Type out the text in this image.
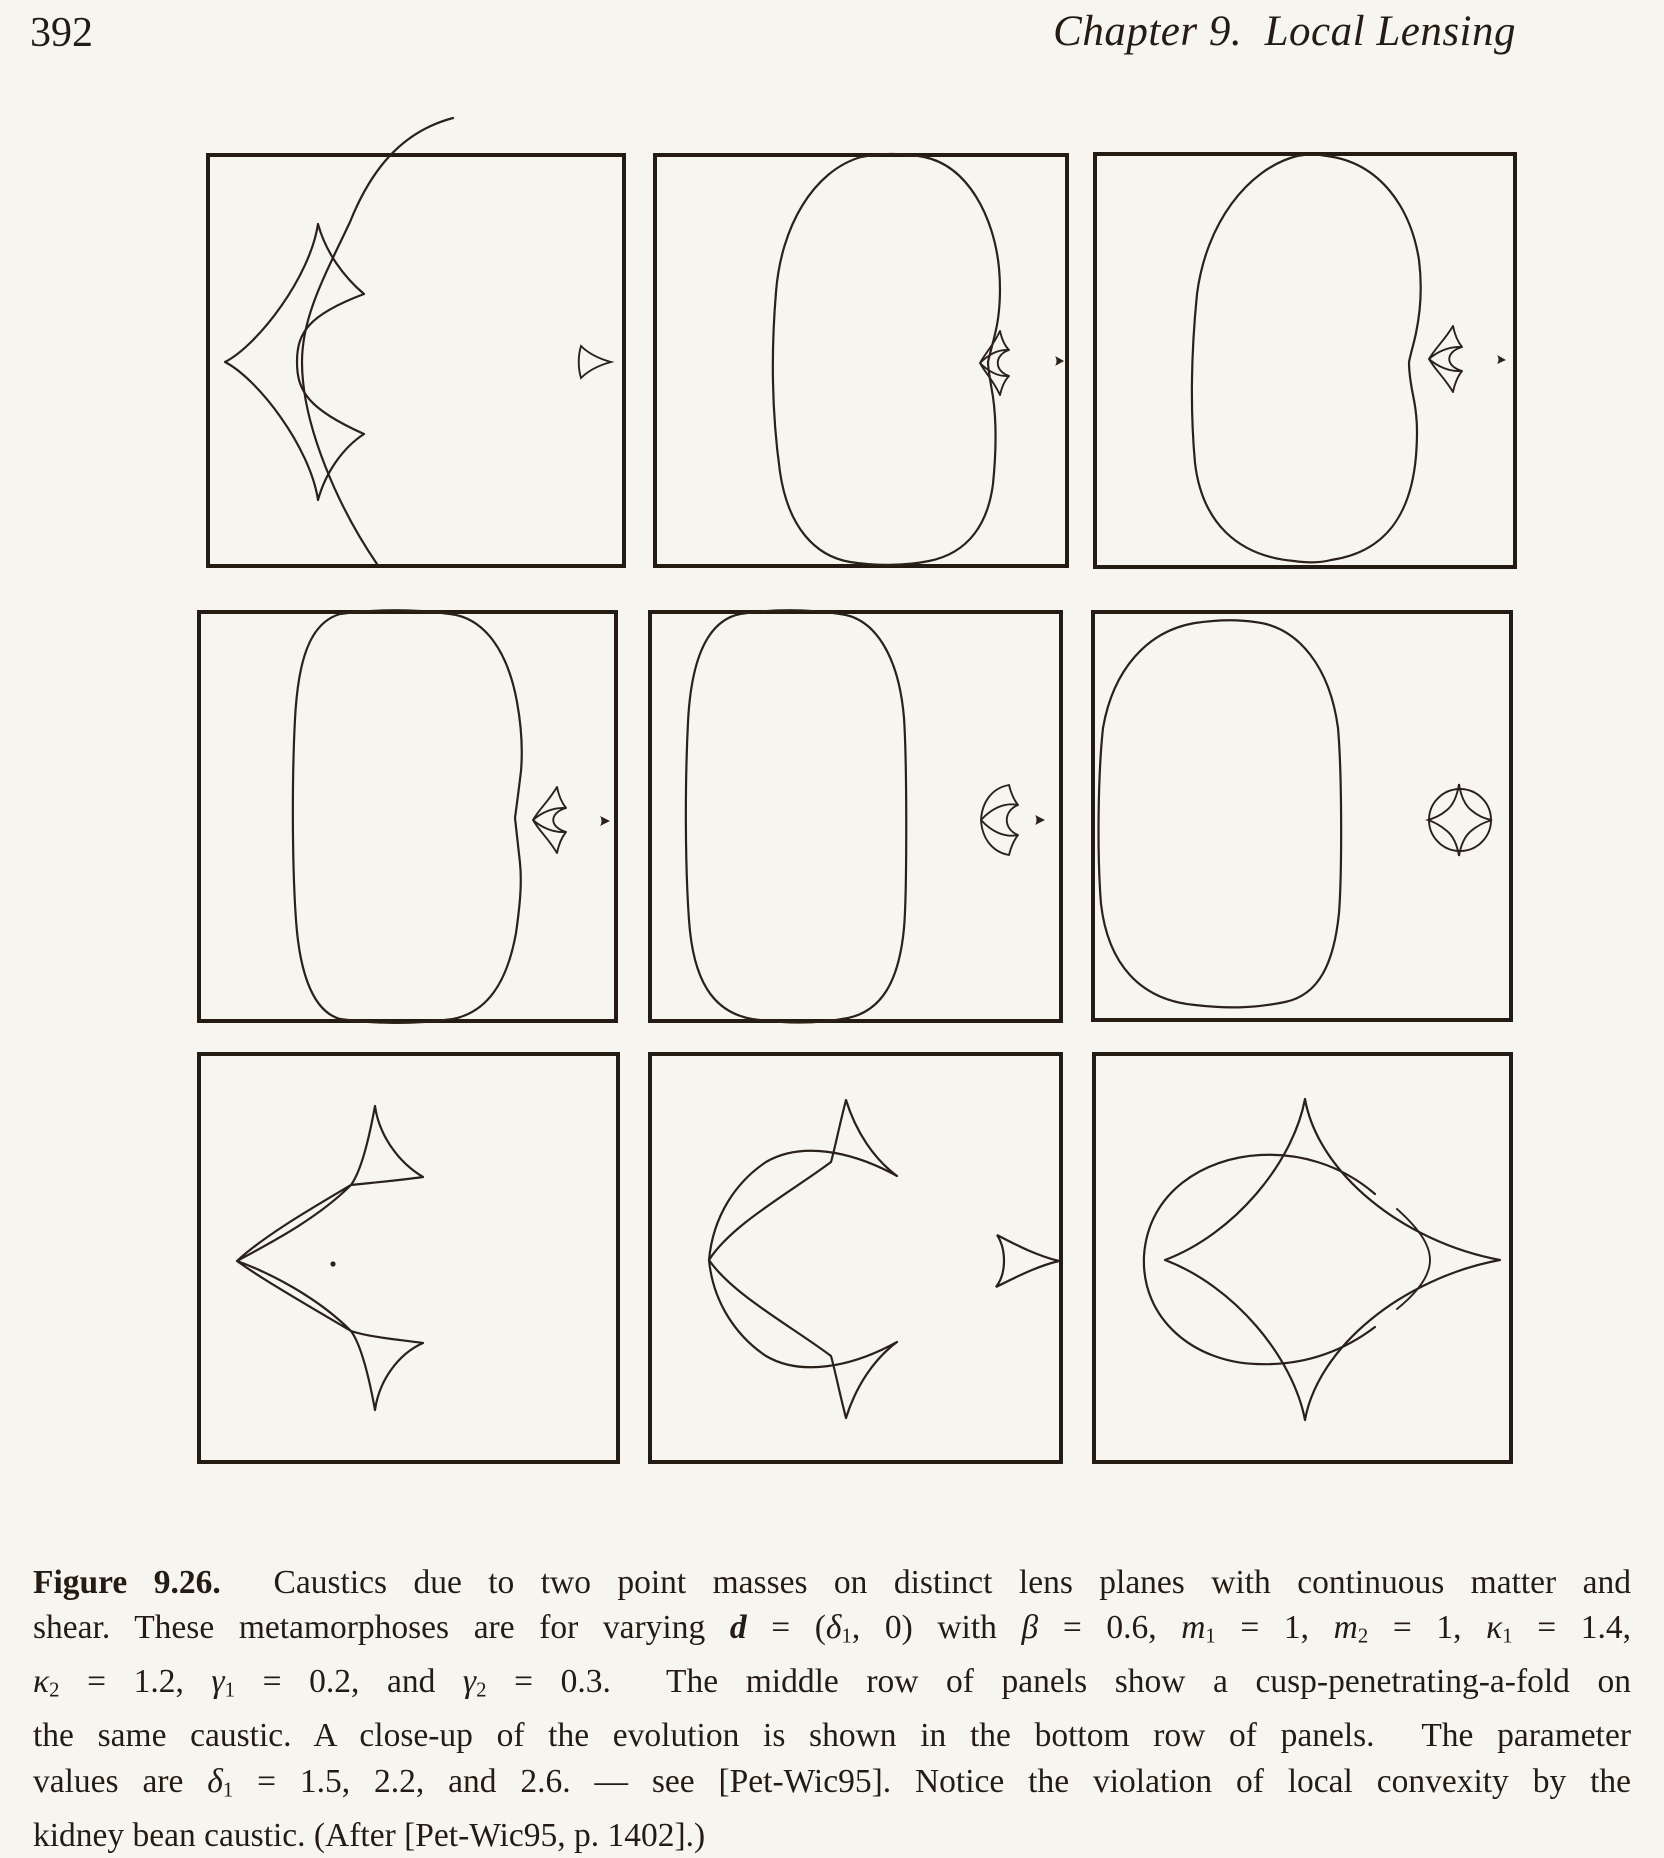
392	Chapter 9.  Local Lensing
Figure 9.26.  Caustics due to two point masses on distinct lens planes with continuous matter and
shear. These metamorphoses are for varying d = (δ1, 0) with β = 0.6, m1 = 1, m2 = 1, κ1 = 1.4,
κ2 = 1.2, γ1 = 0.2, and γ2 = 0.3.  The middle row of panels show a cusp-penetrating-a-fold on
the same caustic. A close-up of the evolution is shown in the bottom row of panels.  The parameter
values are δ1 = 1.5, 2.2, and 2.6. — see [Pet-Wic95]. Notice the violation of local convexity by the
kidney bean caustic. (After [Pet-Wic95, p. 1402].)
